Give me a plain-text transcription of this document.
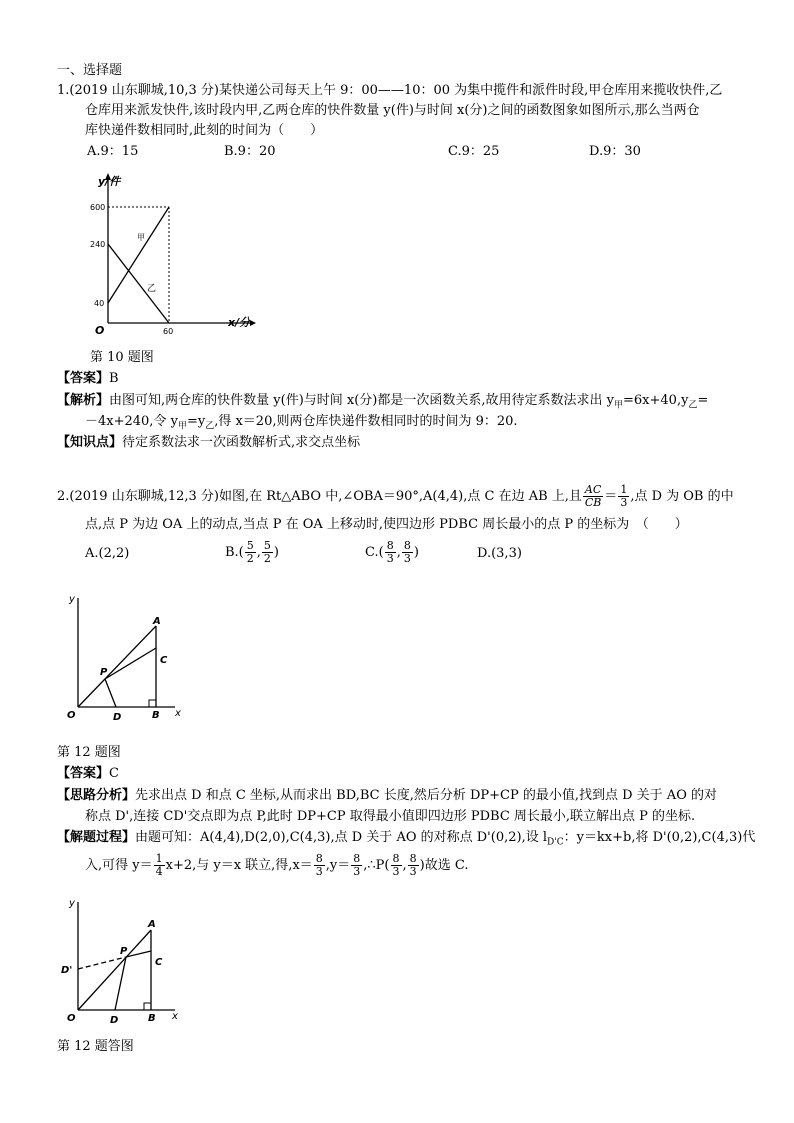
一、选择题
1.(2019 山东聊城,10,3 分)某快递公司每天上午 9：00——10：00 为集中揽件和派件时段,甲仓库用来揽收快件,乙
仓库用来派发快件,该时段内甲,乙两仓库的快件数量 y(件)与时间 x(分)之间的函数图象如图所示,那么当两仓
库快递件数相同时,此刻的时间为（　　）
A.9：15	B.9：20	C.9：25	D.9：30
y/件
x/分
O
600
240
40
60
甲
乙
第 10 题图
【答案】B
【解析】由图可知,两仓库的快件数量 y(件)与时间 x(分)都是一次函数关系,故用待定系数法求出 $y_甲=6x+40,y_乙=$
－4x+240,令 $y_甲=y_乙$,得 x＝20,则两仓库快递件数相同时的时间为 9：20.
【知识点】待定系数法求一次函数解析式,求交点坐标
2.(2019 山东聊城,12,3 分)如图,在 Rt△ABO 中,∠OBA＝90°,A(4,4),点 C 在边 AB 上,且 $\frac{AC}{CB} = \frac{1}{3}$ ,点 D 为 OB 的中
点,点 P 为边 OA 上的动点,当点 P 在 OA 上移动时,使四边形 PDBC 周长最小的点 P 的坐标为　（　　）
A.(2,2)	$B.( \frac{5}{2}$ , $\frac{5}{2}$ )	$C.( \frac{8}{3}$ , $\frac{8}{3}$ )	D.(3,3)
y
x
O
A
C
P
D	B
第 12 题图
【答案】C
【思路分析】先求出点 D 和点 C 坐标,从而求出 BD,BC 长度,然后分析 DP+CP 的最小值,找到点 D 关于 AO 的对
称点 D',连接 CD'交点即为点 P,此时 DP+CP 取得最小值即四边形 PDBC 周长最小,联立解出点 P 的坐标.
【解题过程】由题可知：A(4,4),D(2,0),C(4,3),点 D 关于 AO 的对称点 D'(0,2),设 $l_{D'C}$：y＝kx+b,将 D'(0,2),C(4,3)代
入,可得 $y= \frac{1}{4} x+2$,与 y＝x 联立,得$,x= \frac{8}{3} ,y= \frac{8}{3}$ ,∴P( $\frac{8}{3}$ , $\frac{8}{3}$ )故选 C.
y
x
O
A
C
P
D'
D	B
第 12 题答图
